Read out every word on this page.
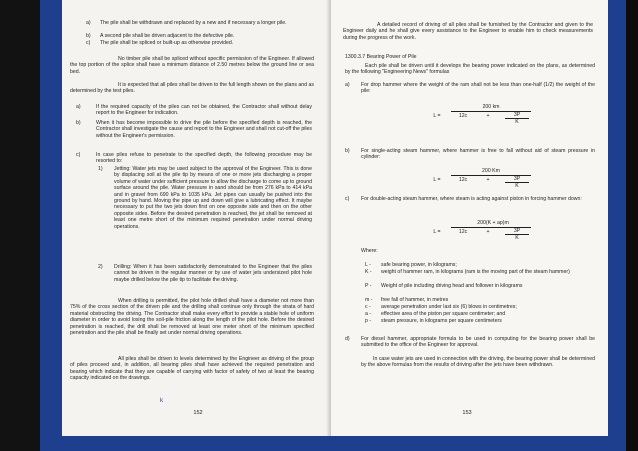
a) The pile shall be withdrawn and replaced by a new and if necessary a longer pile.
b) A second pile shall be driven adjacent to the defective pile.
c) The pile shall be spliced or built-up as otherwise provided.
No timber pile shall be spliced without specific permission of the Engineer. If allowed the top portion of the splice shall have a minimum distance of 2.50 metres below the ground line or sea bed.
It is expected that all piles shall be driven to the full length shown on the plans and as determined by the test piles.
a)	If the required capacity of the piles can not be obtained, the Contractor shall without delay report to the Engineer for indication.
b)	When it has become impossible to drive the pile before the specified depth is reached, the Contractor shall investigate the cause and report to the Engineer and shall not cut-off the piles without the Engineer's permission.
c)	In case piles refuse to penetrate to the specified depth, the following procedure may be resorted to:
1) Jetting: Water jets may be used subject to the approval of the Engineer. This is done by displacing soil at the pile tip by means of one or more jets discharging a proper volume of water under sufficient pressure to allow the discharge to come up to ground surface around the pile. Water pressure in sand should be from 276 kPa to 414 kPa and in gravel from 690 kPa to 1035 kPa. Jet pipes can usually be pushed into the ground by hand. Moving the pipe up and down will give a lubricating effect. It maybe necessary to put the two jets down first on one opposite side and then on the other opposite sides. Before the desired penetration is reached, the jet shall be removed at least one metre short of the minimum required penetration under normal driving operations.
2) Drilling: When it has been satisfactorily demonstrated to the Engineer that the piles cannot be driven in the regular manner or by use of water jets undersized pilot hole maybe drilled below the pile tip to facilitate the driving.
When drilling is permitted, the pilot hole drilled shall have a diameter not more than 75% of the cross section of the driven pile and the drilling shall continue only through the strata of hard material obstructing the driving. The Contractor shall make every effort to provide a stable hole of uniform diameter in order to avoid losing the soil-pile friction along the length of the pilot hole. Before the desired penetration is reached, the drill shall be removed at least one meter short of the minimum specified penetration and the pile shall be finally set under normal driving operations.
All piles shall be driven to levels determined by the Engineer as driving of the group of piles proceed and, in addition, all bearing piles shall have achieved the required penetration and bearing which indicate that they are capable of carrying with factor of safety of two at least the bearing capacity indicated on the drawings.
k
152
A detailed record of driving of all piles shall be furnished by the Contractor and given to the Engineer daily and he shall give every assistance to the Engineer to enable him to check measurements during the progress of the work.
1300.3.7 Bearing Power of Pile
Each pile shall be driven until it develops the bearing power indicated on the plans, as determined by the following "Engineering News" formulas
a) For drop hammer where the weight of the ram shall not be less than one-half (1/2) the weight of the pile:
200 km
L =	12c	+	3P
K
b) For single-acting steam hammer, where hammer is free to fall without aid of steam pressure in cylinder:
200 Km
L =	12c	+	3P
K
c) For double-acting steam hammer, where steam is acting against piston in forcing hammer down:
200(K + ap)m
L =	12c	+	3P
K
Where:
L - safe bearing power, in kilograms;
K - weight of hammer ram, in kilograms (ram is the moving part of the steam hammer)
P - Weight of pile including driving head and follower in kilograms
m - free fall of hammer, in metres
c - average penetration under last six (6) blows in centimetres;
a - effective area of the piston per square centimeter; and
p - steam pressure, in kilograms per square centimeters
d) For diesel hammer, appropriate formula to be used in computing for the bearing power shall be submitted to the office of the Engineer for approval.
In case water jets are used in connection with the driving, the bearing power shall be determined by the above formulas from the results of driving after the jets have been withdrawn.
153
